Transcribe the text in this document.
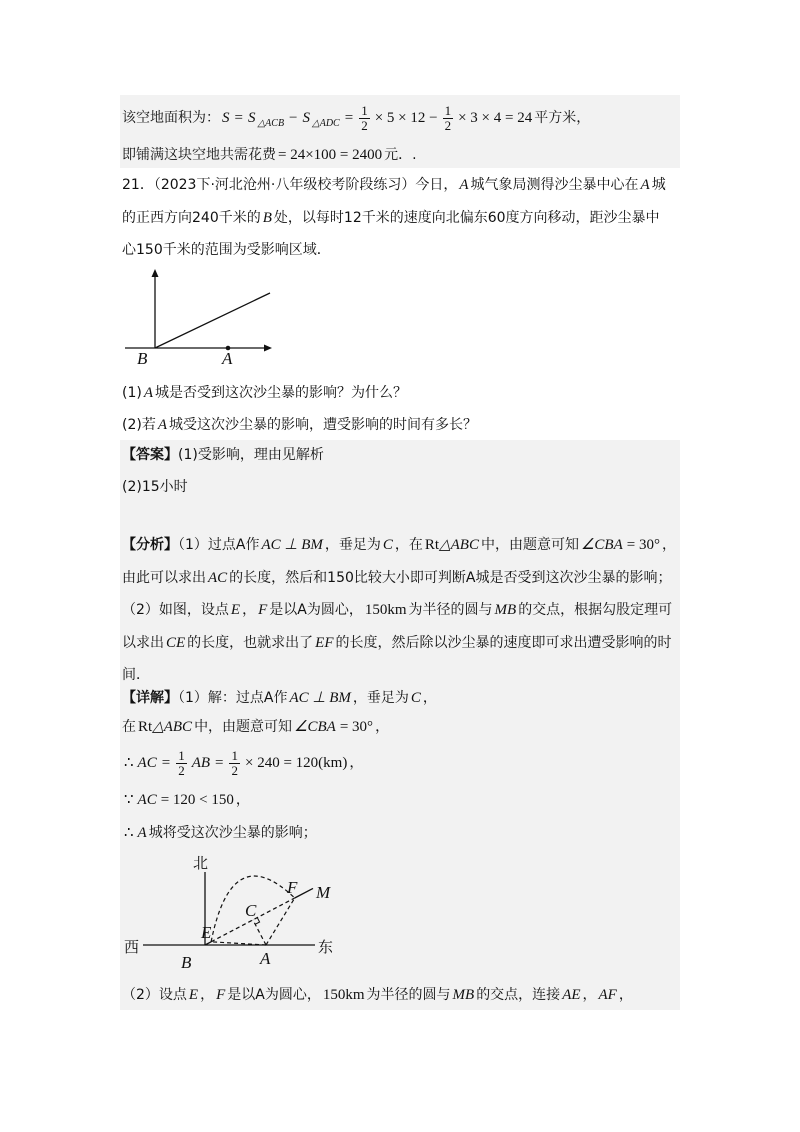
该空地面积为： S = S $_{\triangle ACB}$ − S $_{\triangle ADC} = \frac{1}{2} \times 5 \times 12 - \frac{1}{2} \times 3 \times 4 = 24$ 平方米，
即铺满这块空地共需花费 = 24×100 = 2400 元．.
21．（2023下·河北沧州·八年级校考阶段练习）今日， A 城气象局测得沙尘暴中心在 A 城
的正西方向240千米的 B 处，以每时12千米的速度向北偏东60度方向移动，距沙尘暴中
心150千米的范围为受影响区域．
B	A
(1) A 城是否受到这次沙尘暴的影响？为什么？
(2)若 A 城受这次沙尘暴的影响，遭受影响的时间有多长？
【答案】(1)受影响，理由见解析
(2)15小时
【分析】（1）过点A作 AC ⊥ BM ，垂足为 C ，在 Rt△ABC 中，由题意可知 ∠CBA = 30° ，
由此可以求出 AC 的长度，然后和150比较大小即可判断A城是否受到这次沙尘暴的影响；
（2）如图，设点 E ， F 是以A为圆心， 150km 为半径的圆与 MB 的交点，根据勾股定理可
以求出 CE 的长度，也就求出了 EF 的长度，然后除以沙尘暴的速度即可求出遭受影响的时
间．
【详解】（1）解：过点A作 AC ⊥ BM ，垂足为 C ，
在 Rt△ABC 中，由题意可知 ∠CBA = 30° ，
∴ AC = $\frac{1}{2}$ AB = $\frac{1}{2} \times 240 = 120(km)$ ，
∵ AC = 120 < 150 ，
∴ A 城将受这次沙尘暴的影响；
北
西	东
B	A
E
C
F M
（2）设点 E ， F 是以A为圆心， 150km 为半径的圆与 MB 的交点，连接 AE ， AF ，
